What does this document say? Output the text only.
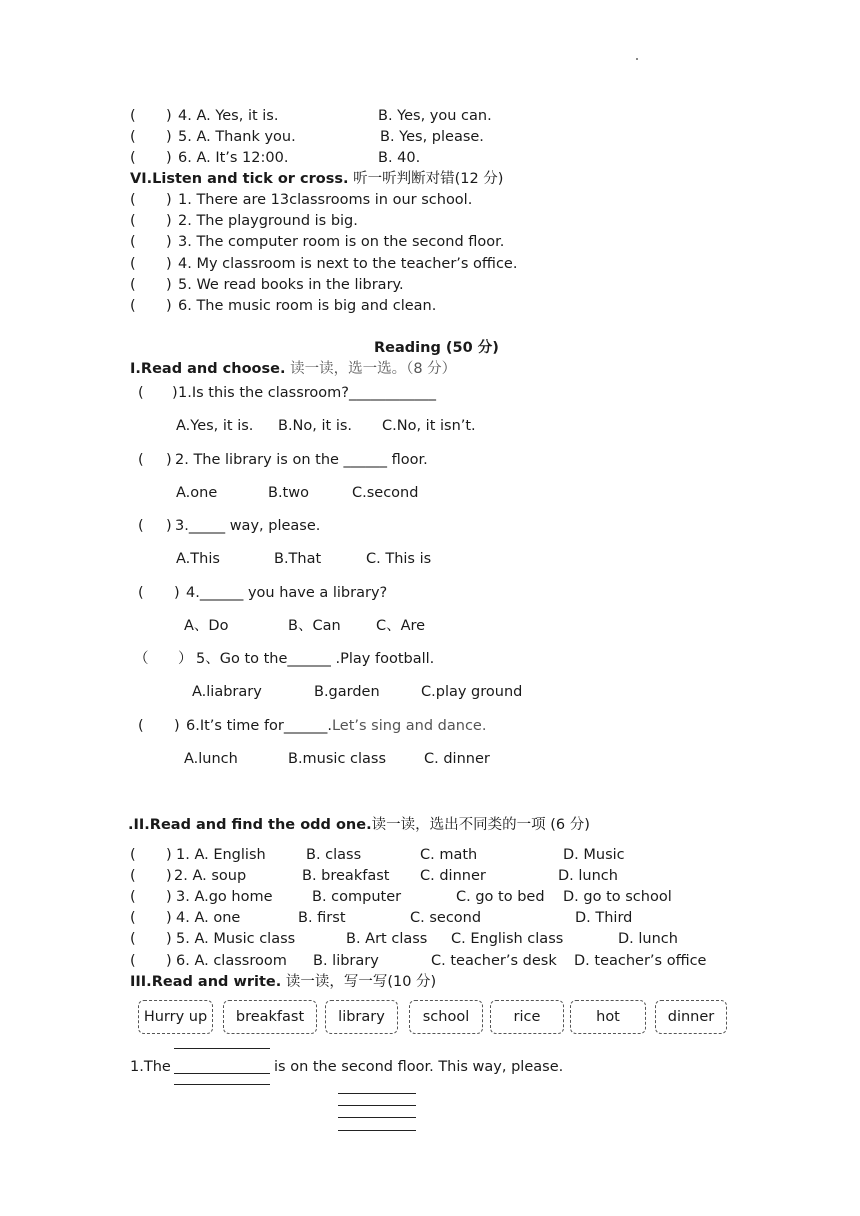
( ) 4. A. Yes, it is.	B. Yes, you can.
( ) 5. A. Thank you.	B. Yes, please.
( ) 6. A. It’s 12:00.	B. 40.
VI.Listen and tick or cross. 听一听判断对错(12 分)
( ) 1. There are 13classrooms in our school.
( ) 2. The playground is big.
( ) 3. The computer room is on the second floor.
( ) 4. My classroom is next to the teacher’s office.
( ) 5. We read books in the library.
( ) 6. The music room is big and clean.
Reading (50 分)
I.Read and choose. 读一读，选一选。（8 分）
( ) 1.Is this the classroom?____________
A.Yes, it is. B.No, it is. C.No, it isn’t.
( ) 2. The library is on the ______ floor.
A.one	B.two	C.second
( ) 3._____ way, please.
A.This	B.That	C. This is
( ) 4.______ you have a library?
A、Do	B、Can C、Are
（ ） 5、Go to the______ .Play football.
A.liabrary	B.garden	C.play ground
( ) 6.It’s time for______.Let’s sing and dance.
A.lunch	B.music class	C. dinner
.II.Read and find the odd one.读一读，选出不同类的一项 (6 分)
( ) 1. A. English	B. class	C. math	D. Music
( ) 2. A. soup	B. breakfast C. dinner	D. lunch
( ) 3. A.go home	B. computer	C. go to bed D. go to school
( ) 4. A. one	B. first	C. second	D. Third
( ) 5. A. Music class	B. Art class C. English class	D. lunch
( ) 6. A. classroom B. library	C. teacher’s desk D. teacher’s office
III.Read and write. 读一读，写一写(10 分)
Hurry up	breakfast	library	school	rice	hot	dinner
1.The	is on the second floor. This way, please.
